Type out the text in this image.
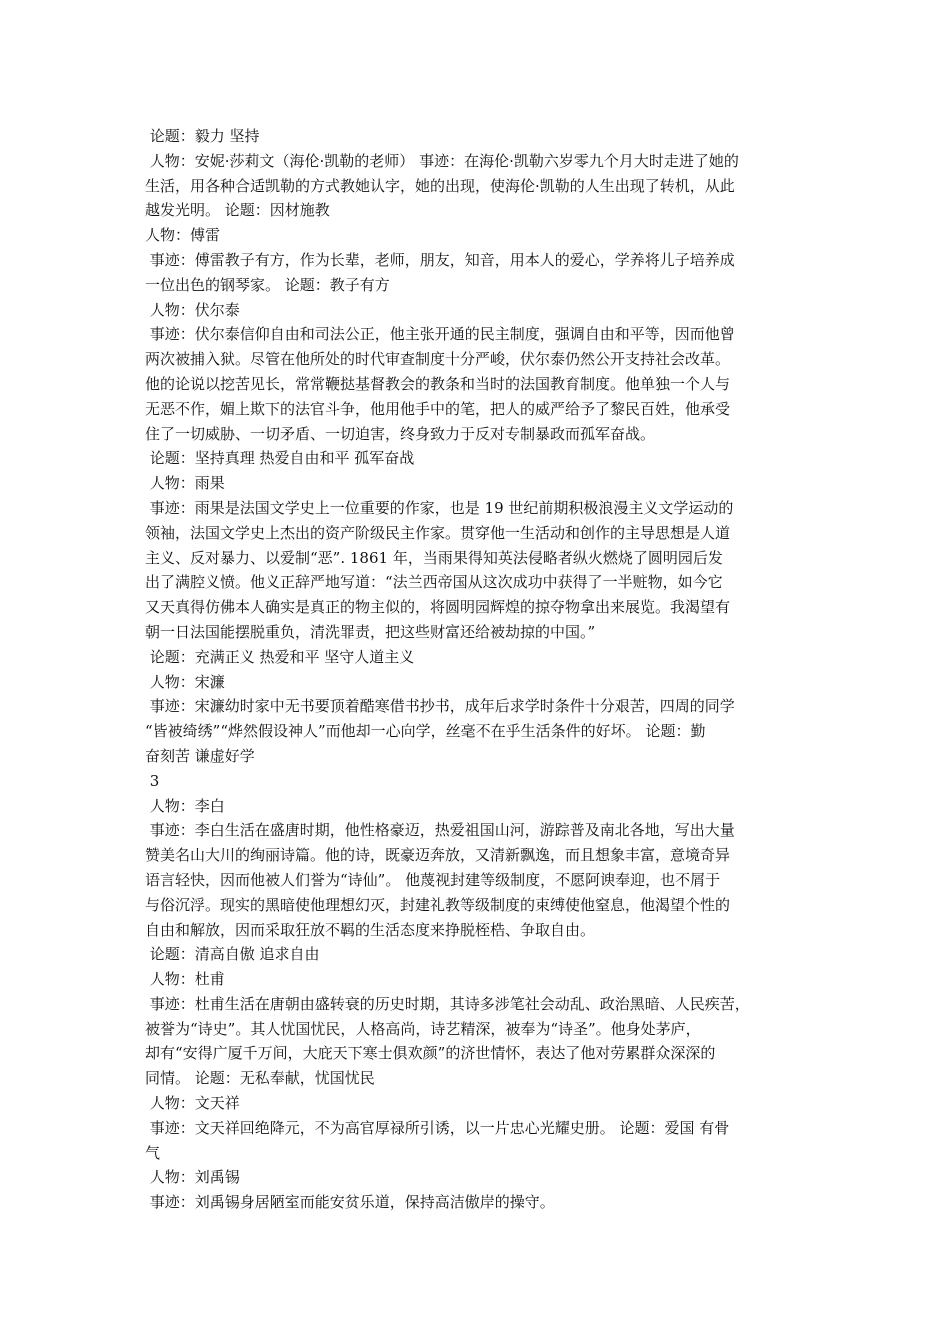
论题：毅力 坚持
人物：安妮·莎莉文（海伦·凯勒的老师） 事迹：在海伦·凯勒六岁零九个月大时走进了她的
生活，用各种合适凯勒的方式教她认字，她的出现，使海伦·凯勒的人生出现了转机，从此
越发光明。 论题：因材施教
人物：傅雷
事迹：傅雷教子有方，作为长辈，老师，朋友，知音，用本人的爱心，学养将儿子培养成
一位出色的钢琴家。 论题：教子有方
人物：伏尔泰
事迹：伏尔泰信仰自由和司法公正，他主张开通的民主制度，强调自由和平等，因而他曾
两次被捕入狱。尽管在他所处的时代审查制度十分严峻，伏尔泰仍然公开支持社会改革。
他的论说以挖苦见长，常常鞭挞基督教会的教条和当时的法国教育制度。他单独一个人与
无恶不作，媚上欺下的法官斗争，他用他手中的笔，把人的威严给予了黎民百姓，他承受
住了一切威胁、一切矛盾、一切迫害，终身致力于反对专制暴政而孤军奋战。
论题：坚持真理 热爱自由和平 孤军奋战
人物：雨果
事迹：雨果是法国文学史上一位重要的作家，也是 19 世纪前期积极浪漫主义文学运动的
领袖，法国文学史上杰出的资产阶级民主作家。贯穿他一生活动和创作的主导思想是人道
主义、反对暴力、以爱制“恶”. 1861 年，当雨果得知英法侵略者纵火燃烧了圆明园后发
出了满腔义愤。他义正辞严地写道：“法兰西帝国从这次成功中获得了一半赃物，如今它
又天真得仿佛本人确实是真正的物主似的，将圆明园辉煌的掠夺物拿出来展览。我渴望有
朝一日法国能摆脱重负，清洗罪责，把这些财富还给被劫掠的中国。”
论题：充满正义 热爱和平 坚守人道主义
人物：宋濂
事迹：宋濂幼时家中无书要顶着酷寒借书抄书，成年后求学时条件十分艰苦，四周的同学
“皆被绮绣”“烨然假设神人”而他却一心向学，丝毫不在乎生活条件的好坏。 论题：勤
奋刻苦 谦虚好学
3
人物：李白
事迹：李白生活在盛唐时期，他性格豪迈，热爱祖国山河，游踪普及南北各地，写出大量
赞美名山大川的绚丽诗篇。他的诗，既豪迈奔放，又清新飘逸，而且想象丰富，意境奇异
语言轻快，因而他被人们誉为“诗仙”。 他蔑视封建等级制度，不愿阿谀奉迎，也不屑于
与俗沉浮。现实的黑暗使他理想幻灭，封建礼教等级制度的束缚使他窒息，他渴望个性的
自由和解放，因而采取狂放不羁的生活态度来挣脱桎梏、争取自由。
论题：清高自傲 追求自由
人物：杜甫
事迹：杜甫生活在唐朝由盛转衰的历史时期，其诗多涉笔社会动乱、政治黑暗、人民疾苦，
被誉为“诗史”。其人忧国忧民，人格高尚，诗艺精深，被奉为“诗圣”。他身处茅庐，
却有“安得广厦千万间，大庇天下寒士俱欢颜”的济世情怀，表达了他对劳累群众深深的
同情。 论题：无私奉献，忧国忧民
人物：文天祥
事迹：文天祥回绝降元，不为高官厚禄所引诱，以一片忠心光耀史册。 论题：爱国 有骨
气
人物：刘禹锡
事迹：刘禹锡身居陋室而能安贫乐道，保持高洁傲岸的操守。
